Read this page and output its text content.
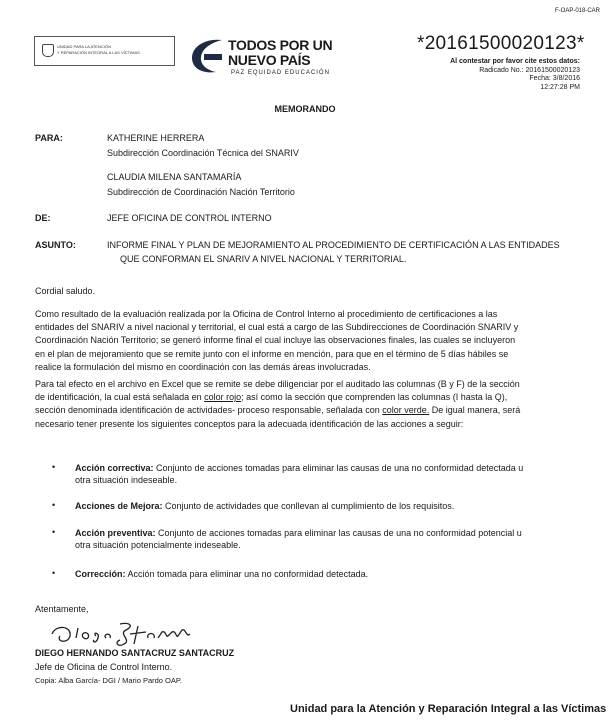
F-OAP-018-CAR
UNIDAD PARA LA ATENCIÓN
Y REPARACIÓN INTEGRAL A LAS VÍCTIMAS	TODOS POR UN
NUEVO PAÍS
PAZ EQUIDAD EDUCACIÓN
*20161500020123*
Al contestar por favor cite estos datos:
Radicado No.: 20161500020123
Fecha: 3/8/2016
12:27:28 PM
MEMORANDO
PARA:	KATHERINE HERRERA
Subdirección Coordinación Técnica del SNARIV
CLAUDIA MILENA SANTAMARÍA
Subdirección de Coordinación Nación Territorio
DE:	JEFE OFICINA DE CONTROL INTERNO
ASUNTO:	INFORME FINAL Y PLAN DE MEJORAMIENTO AL PROCEDIMIENTO DE CERTIFICACIÓN A LAS ENTIDADES
QUE CONFORMAN EL SNARIV A NIVEL NACIONAL Y TERRITORIAL.
Cordial saludo.
Como resultado de la evaluación realizada por la Oficina de Control Interno al procedimiento de certificaciones a las
entidades del SNARIV a nivel nacional y territorial, el cual está a cargo de las Subdirecciones de Coordinación SNARIV y
Coordinación Nación Territorio; se generó informe final el cual incluye las observaciones finales, las cuales se incluyeron
en el plan de mejoramiento que se remite junto con el informe en mención, para que en el término de 5 días hábiles se
realice la formulación del mismo en coordinación con las demás áreas involucradas.
Para tal efecto en el archivo en Excel que se remite se debe diligenciar por el auditado las columnas (B y F) de la sección
de identificación, la cual está señalada en color rojo; así como la sección que comprenden las columnas (I hasta la Q),
sección denominada identificación de actividades- proceso responsable, señalada con color verde. De igual manera, será
necesario tener presente los siguientes conceptos para la adecuada identificación de las acciones a seguir:
• Acción correctiva: Conjunto de acciones tomadas para eliminar las causas de una no conformidad detectada u
otra situación indeseable.
• Acciones de Mejora: Conjunto de actividades que conllevan al cumplimiento de los requisitos.
• Acción preventiva: Conjunto de acciones tomadas para eliminar las causas de una no conformidad potencial u
otra situación potencialmente indeseable.
• Corrección: Acción tomada para eliminar una no conformidad detectada.
Atentamente,
DIEGO HERNANDO SANTACRUZ SANTACRUZ
Jefe de Oficina de Control Interno.
Copia: Alba García- DGI / Mario Pardo OAP.
Unidad para la Atención y Reparación Integral a las Víctimas
